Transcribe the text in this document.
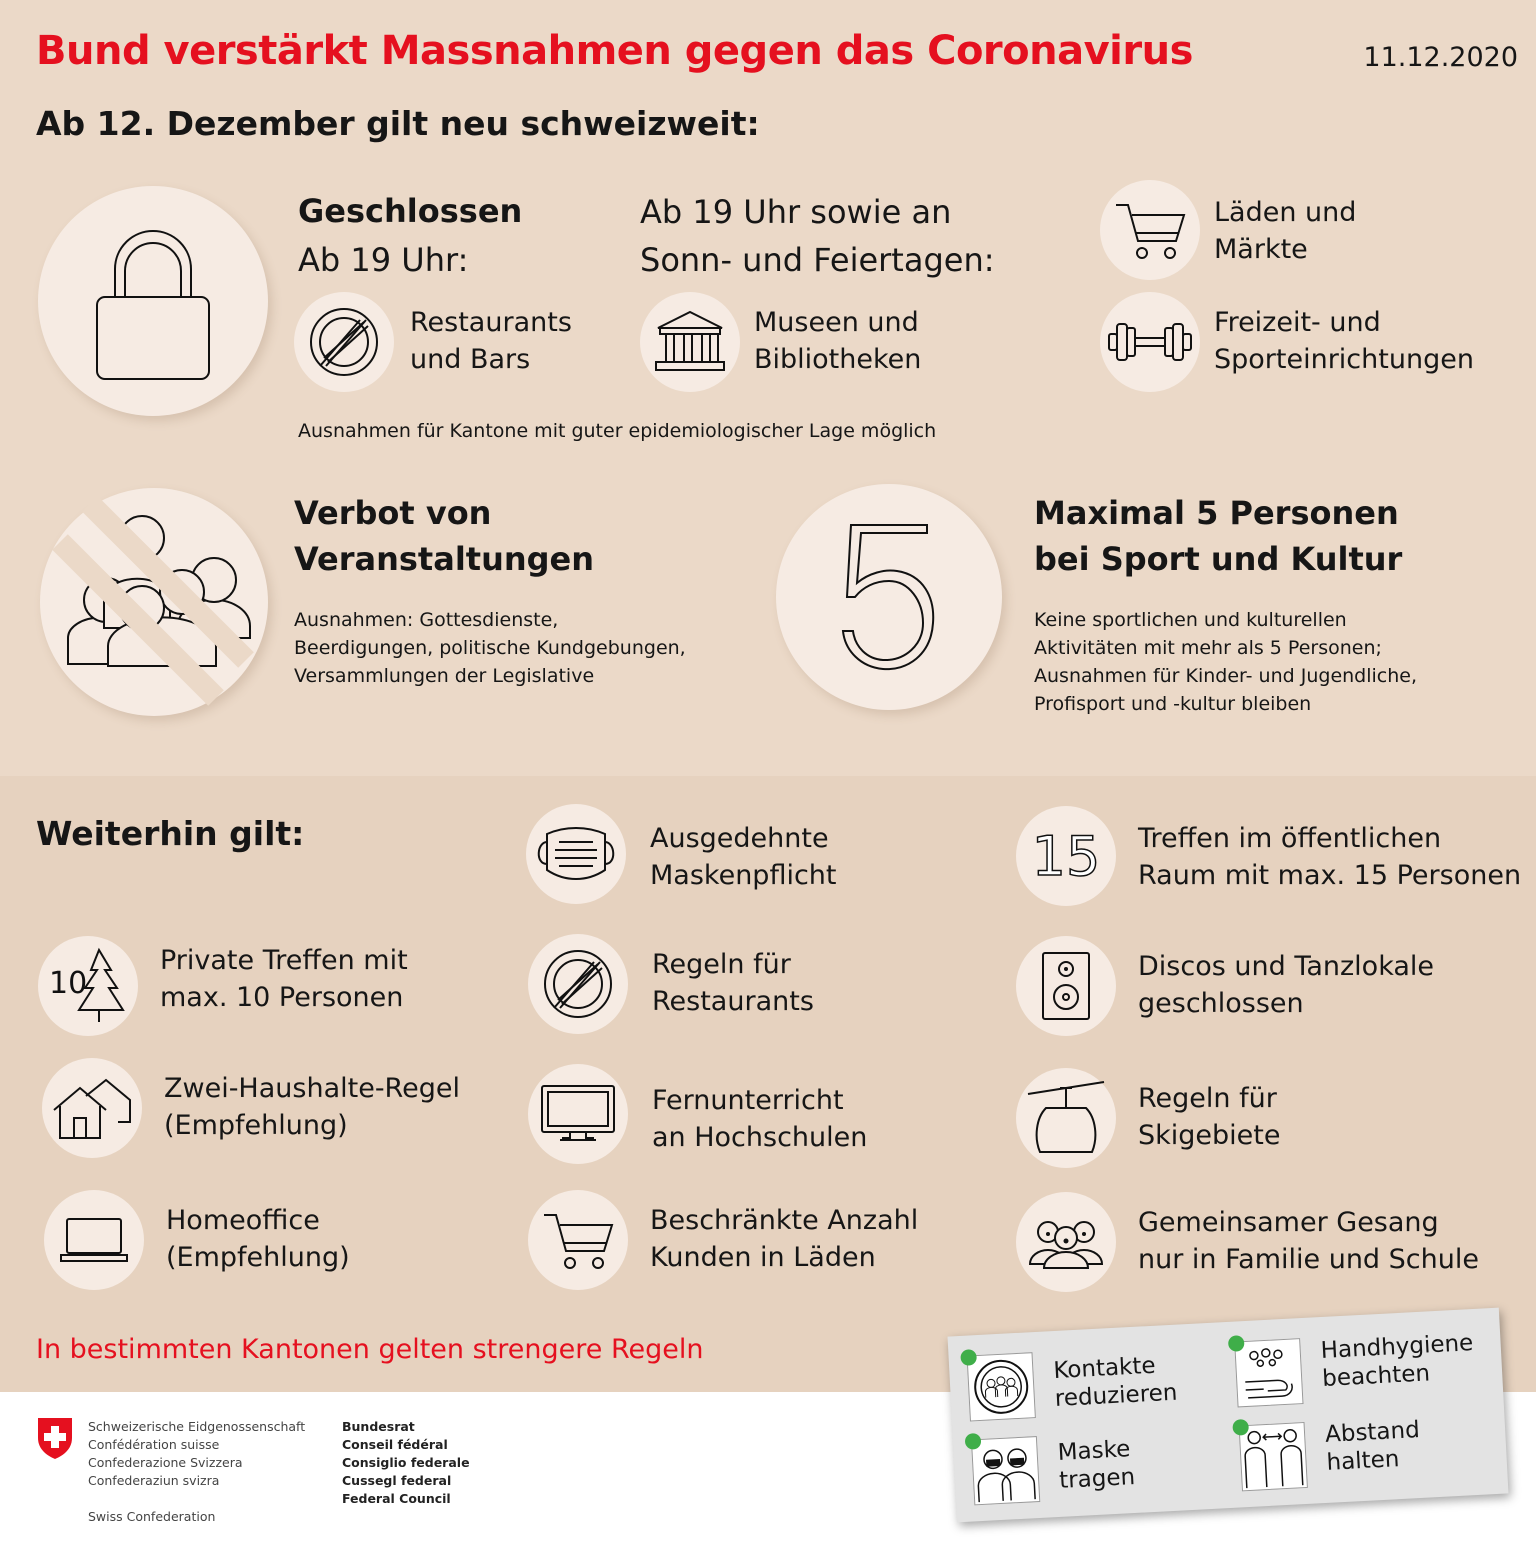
Bund verstärkt Massnahmen gegen das Coronavirus	11.12.2020
Ab 12. Dezember gilt neu schweizweit:
Geschlossen
Ab 19 Uhr:
Ab 19 Uhr sowie an
Sonn- und Feiertagen:
Restaurants
und Bars
Museen und
Bibliotheken
Läden und
Märkte
Freizeit- und
Sporteinrichtungen
Ausnahmen für Kantone mit guter epidemiologischer Lage möglich
Verbot von
Veranstaltungen
Ausnahmen: Gottesdienste,
Beerdigungen, politische Kundgebungen,
Versammlungen der Legislative
Maximal 5 Personen
bei Sport und Kultur
Keine sportlichen und kulturellen
Aktivitäten mit mehr als 5 Personen;
Ausnahmen für Kinder- und Jugendliche,
Profisport und -kultur bleiben
Weiterhin gilt:	Ausgedehnte
Maskenpflicht	15 Treffen im öffentlichen
Raum mit max. 15 Personen
10
Private Treffen mit
max. 10 Personen
Regeln für
Restaurants
Discos und Tanzlokale
geschlossen
Zwei-Haushalte-Regel
(Empfehlung)
Fernunterricht
an Hochschulen
Regeln für
Skigebiete
Homeoffice
(Empfehlung)
Beschränkte Anzahl
Kunden in Läden
Gemeinsamer Gesang
nur in Familie und Schule
In bestimmten Kantonen gelten strengere Regeln
Kontakte
reduzieren
Handhygiene
beachten
Maske
tragen
Abstand
halten
Schweizerische Eidgenossenschaft
Confédération suisse
Confederazione Svizzera
Confederaziun svizra
Swiss Confederation
Bundesrat
Conseil fédéral
Consiglio federale
Cussegl federal
Federal Council
